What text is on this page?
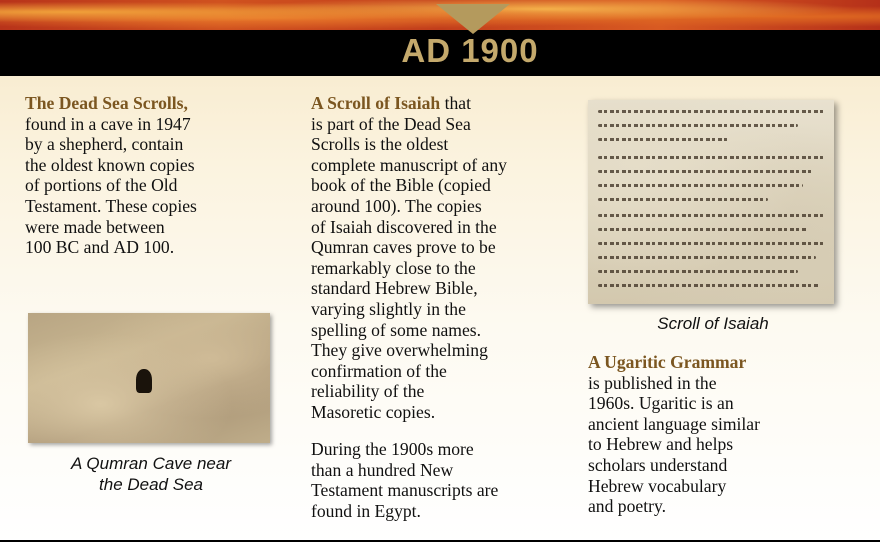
AD 1900
The Dead Sea Scrolls,
found in a cave in 1947
by a shepherd, contain
the oldest known copies
of portions of the Old
Testament. These copies
were made between
100 BC and AD 100.
A Qumran Cave near
the Dead Sea
A Scroll of Isaiah that
is part of the Dead Sea
Scrolls is the oldest
complete manuscript of any
book of the Bible (copied
around 100). The copies
of Isaiah discovered in the
Qumran caves prove to be
remarkably close to the
standard Hebrew Bible,
varying slightly in the
spelling of some names.
They give overwhelming
confirmation of the
reliability of the
Masoretic copies.
During the 1900s more
than a hundred New
Testament manuscripts are
found in Egypt.
Scroll of Isaiah
A Ugaritic Grammar
is published in the
1960s. Ugaritic is an
ancient language similar
to Hebrew and helps
scholars understand
Hebrew vocabulary
and poetry.
